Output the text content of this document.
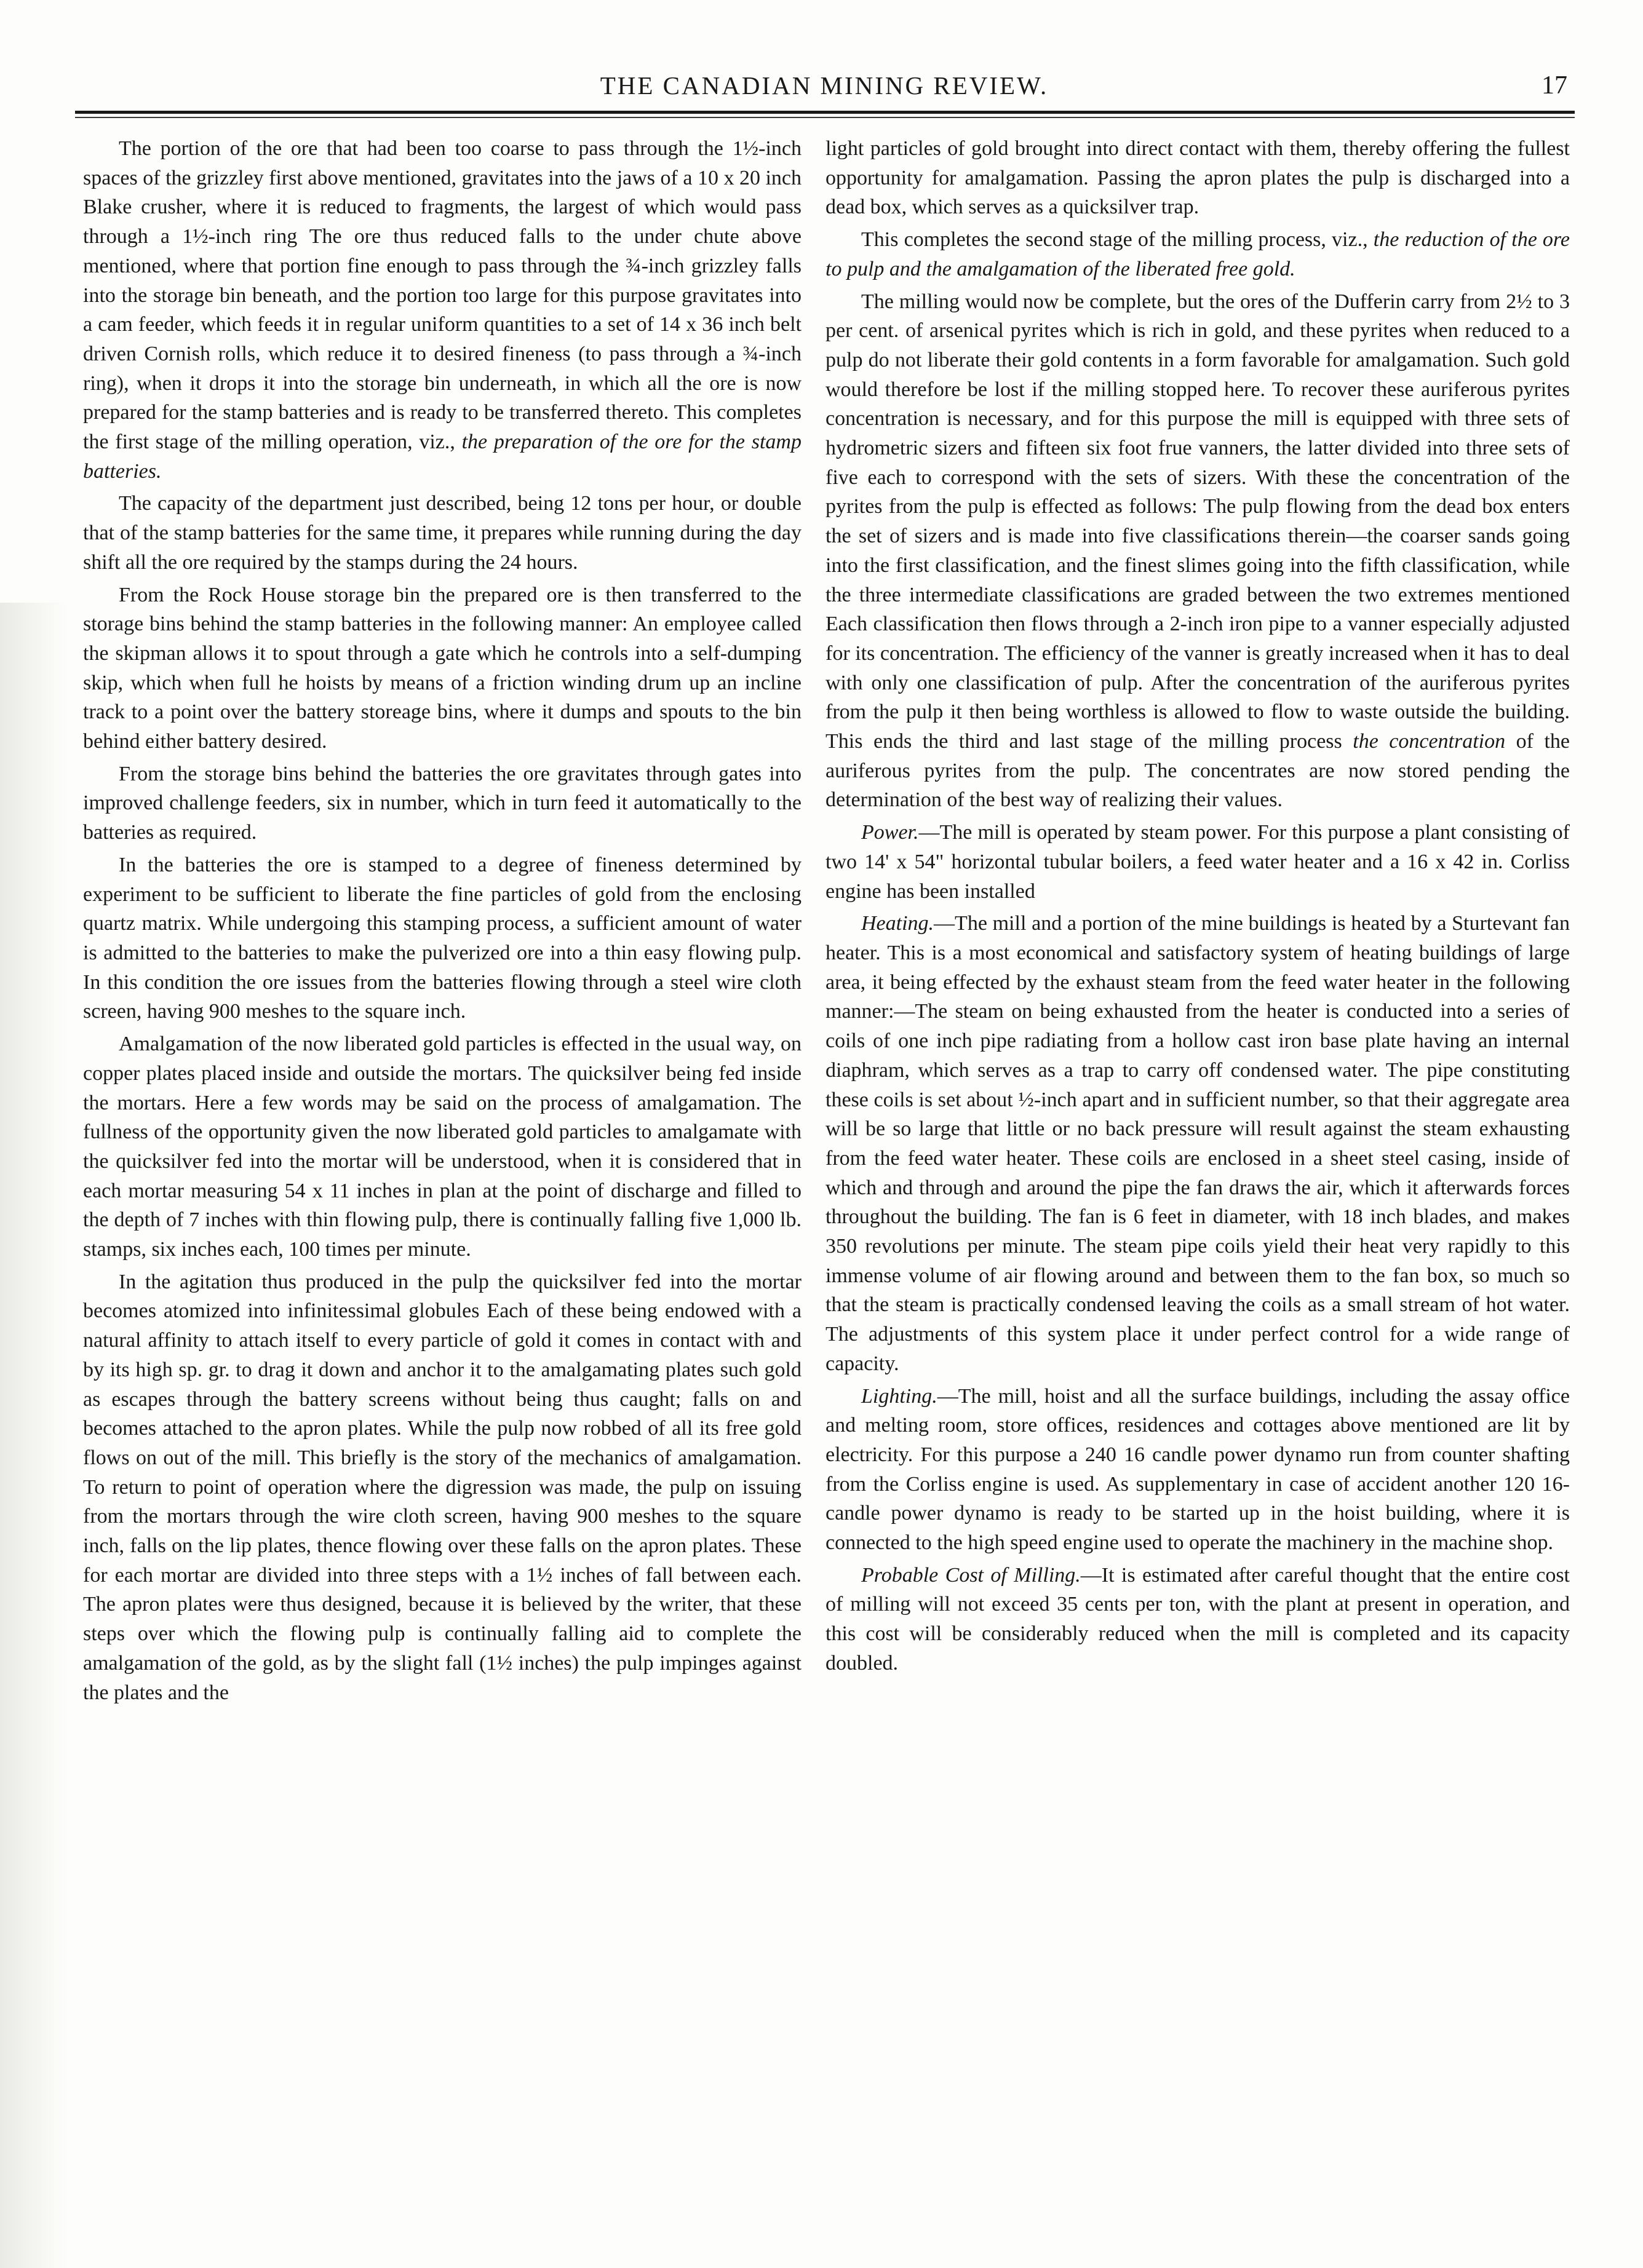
THE CANADIAN MINING REVIEW.	17

The portion of the ore that had been too coarse to pass through the 1½-inch spaces of the grizzley first above mentioned, gravitates into the jaws of a 10 x 20 inch Blake crusher, where it is reduced to fragments, the largest of which would pass through a 1½-inch ring The ore thus reduced falls to the under chute above mentioned, where that portion fine enough to pass through the ¾-inch grizzley falls into the storage bin beneath, and the portion too large for this purpose gravitates into a cam feeder, which feeds it in regular uniform quantities to a set of 14 x 36 inch belt driven Cornish rolls, which reduce it to desired fineness (to pass through a ¾-inch ring), when it drops it into the storage bin underneath, in which all the ore is now prepared for the stamp batteries and is ready to be transferred thereto. This completes the first stage of the milling operation, viz., the preparation of the ore for the stamp batteries.

The capacity of the department just described, being 12 tons per hour, or double that of the stamp batteries for the same time, it prepares while running during the day shift all the ore required by the stamps during the 24 hours.

From the Rock House storage bin the prepared ore is then transferred to the storage bins behind the stamp batteries in the following manner: An employee called the skipman allows it to spout through a gate which he controls into a self-dumping skip, which when full he hoists by means of a friction winding drum up an incline track to a point over the battery storeage bins, where it dumps and spouts to the bin behind either battery desired.

From the storage bins behind the batteries the ore gravitates through gates into improved challenge feeders, six in number, which in turn feed it automatically to the batteries as required.

In the batteries the ore is stamped to a degree of fineness determined by experiment to be sufficient to liberate the fine particles of gold from the enclosing quartz matrix. While undergoing this stamping process, a sufficient amount of water is admitted to the batteries to make the pulverized ore into a thin easy flowing pulp. In this condition the ore issues from the batteries flowing through a steel wire cloth screen, having 900 meshes to the square inch.

Amalgamation of the now liberated gold particles is effected in the usual way, on copper plates placed inside and outside the mortars. The quicksilver being fed inside the mortars. Here a few words may be said on the process of amalgamation. The fullness of the opportunity given the now liberated gold particles to amalgamate with the quicksilver fed into the mortar will be understood, when it is considered that in each mortar measuring 54 x 11 inches in plan at the point of discharge and filled to the depth of 7 inches with thin flowing pulp, there is continually falling five 1,000 lb. stamps, six inches each, 100 times per minute.

In the agitation thus produced in the pulp the quicksilver fed into the mortar becomes atomized into infinitessimal globules Each of these being endowed with a natural affinity to attach itself to every particle of gold it comes in contact with and by its high sp. gr. to drag it down and anchor it to the amalgamating plates such gold as escapes through the battery screens without being thus caught; falls on and becomes attached to the apron plates. While the pulp now robbed of all its free gold flows on out of the mill. This briefly is the story of the mechanics of amalgamation. To return to point of operation where the digression was made, the pulp on issuing from the mortars through the wire cloth screen, having 900 meshes to the square inch, falls on the lip plates, thence flowing over these falls on the apron plates. These for each mortar are divided into three steps with a 1½ inches of fall between each. The apron plates were thus designed, because it is believed by the writer, that these steps over which the flowing pulp is continually falling aid to complete the amalgamation of the gold, as by the slight fall (1½ inches) the pulp impinges against the plates and the

light particles of gold brought into direct contact with them, thereby offering the fullest opportunity for amalgamation. Passing the apron plates the pulp is discharged into a dead box, which serves as a quicksilver trap.

This completes the second stage of the milling process, viz., the reduction of the ore to pulp and the amalgamation of the liberated free gold.

The milling would now be complete, but the ores of the Dufferin carry from 2½ to 3 per cent. of arsenical pyrites which is rich in gold, and these pyrites when reduced to a pulp do not liberate their gold contents in a form favorable for amalgamation. Such gold would therefore be lost if the milling stopped here. To recover these auriferous pyrites concentration is necessary, and for this purpose the mill is equipped with three sets of hydrometric sizers and fifteen six foot frue vanners, the latter divided into three sets of five each to correspond with the sets of sizers. With these the concentration of the pyrites from the pulp is effected as follows: The pulp flowing from the dead box enters the set of sizers and is made into five classifications therein—the coarser sands going into the first classification, and the finest slimes going into the fifth classification, while the three intermediate classifications are graded between the two extremes mentioned Each classification then flows through a 2-inch iron pipe to a vanner especially adjusted for its concentration. The efficiency of the vanner is greatly increased when it has to deal with only one classification of pulp. After the concentration of the auriferous pyrites from the pulp it then being worthless is allowed to flow to waste outside the building. This ends the third and last stage of the milling process the concentration of the auriferous pyrites from the pulp. The concentrates are now stored pending the determination of the best way of realizing their values.

Power.—The mill is operated by steam power. For this purpose a plant consisting of two 14' x 54" horizontal tubular boilers, a feed water heater and a 16 x 42 in. Corliss engine has been installed

Heating.—The mill and a portion of the mine buildings is heated by a Sturtevant fan heater. This is a most economical and satisfactory system of heating buildings of large area, it being effected by the exhaust steam from the feed water heater in the following manner:—The steam on being exhausted from the heater is conducted into a series of coils of one inch pipe radiating from a hollow cast iron base plate having an internal diaphram, which serves as a trap to carry off condensed water. The pipe constituting these coils is set about ½-inch apart and in sufficient number, so that their aggregate area will be so large that little or no back pressure will result against the steam exhausting from the feed water heater. These coils are enclosed in a sheet steel casing, inside of which and through and around the pipe the fan draws the air, which it afterwards forces throughout the building. The fan is 6 feet in diameter, with 18 inch blades, and makes 350 revolutions per minute. The steam pipe coils yield their heat very rapidly to this immense volume of air flowing around and between them to the fan box, so much so that the steam is practically condensed leaving the coils as a small stream of hot water. The adjustments of this system place it under perfect control for a wide range of capacity.

Lighting.—The mill, hoist and all the surface buildings, including the assay office and melting room, store offices, residences and cottages above mentioned are lit by electricity. For this purpose a 240 16 candle power dynamo run from counter shafting from the Corliss engine is used. As supplementary in case of accident another 120 16-candle power dynamo is ready to be started up in the hoist building, where it is connected to the high speed engine used to operate the machinery in the machine shop.

Probable Cost of Milling.—It is estimated after careful thought that the entire cost of milling will not exceed 35 cents per ton, with the plant at present in operation, and this cost will be considerably reduced when the mill is completed and its capacity doubled.
